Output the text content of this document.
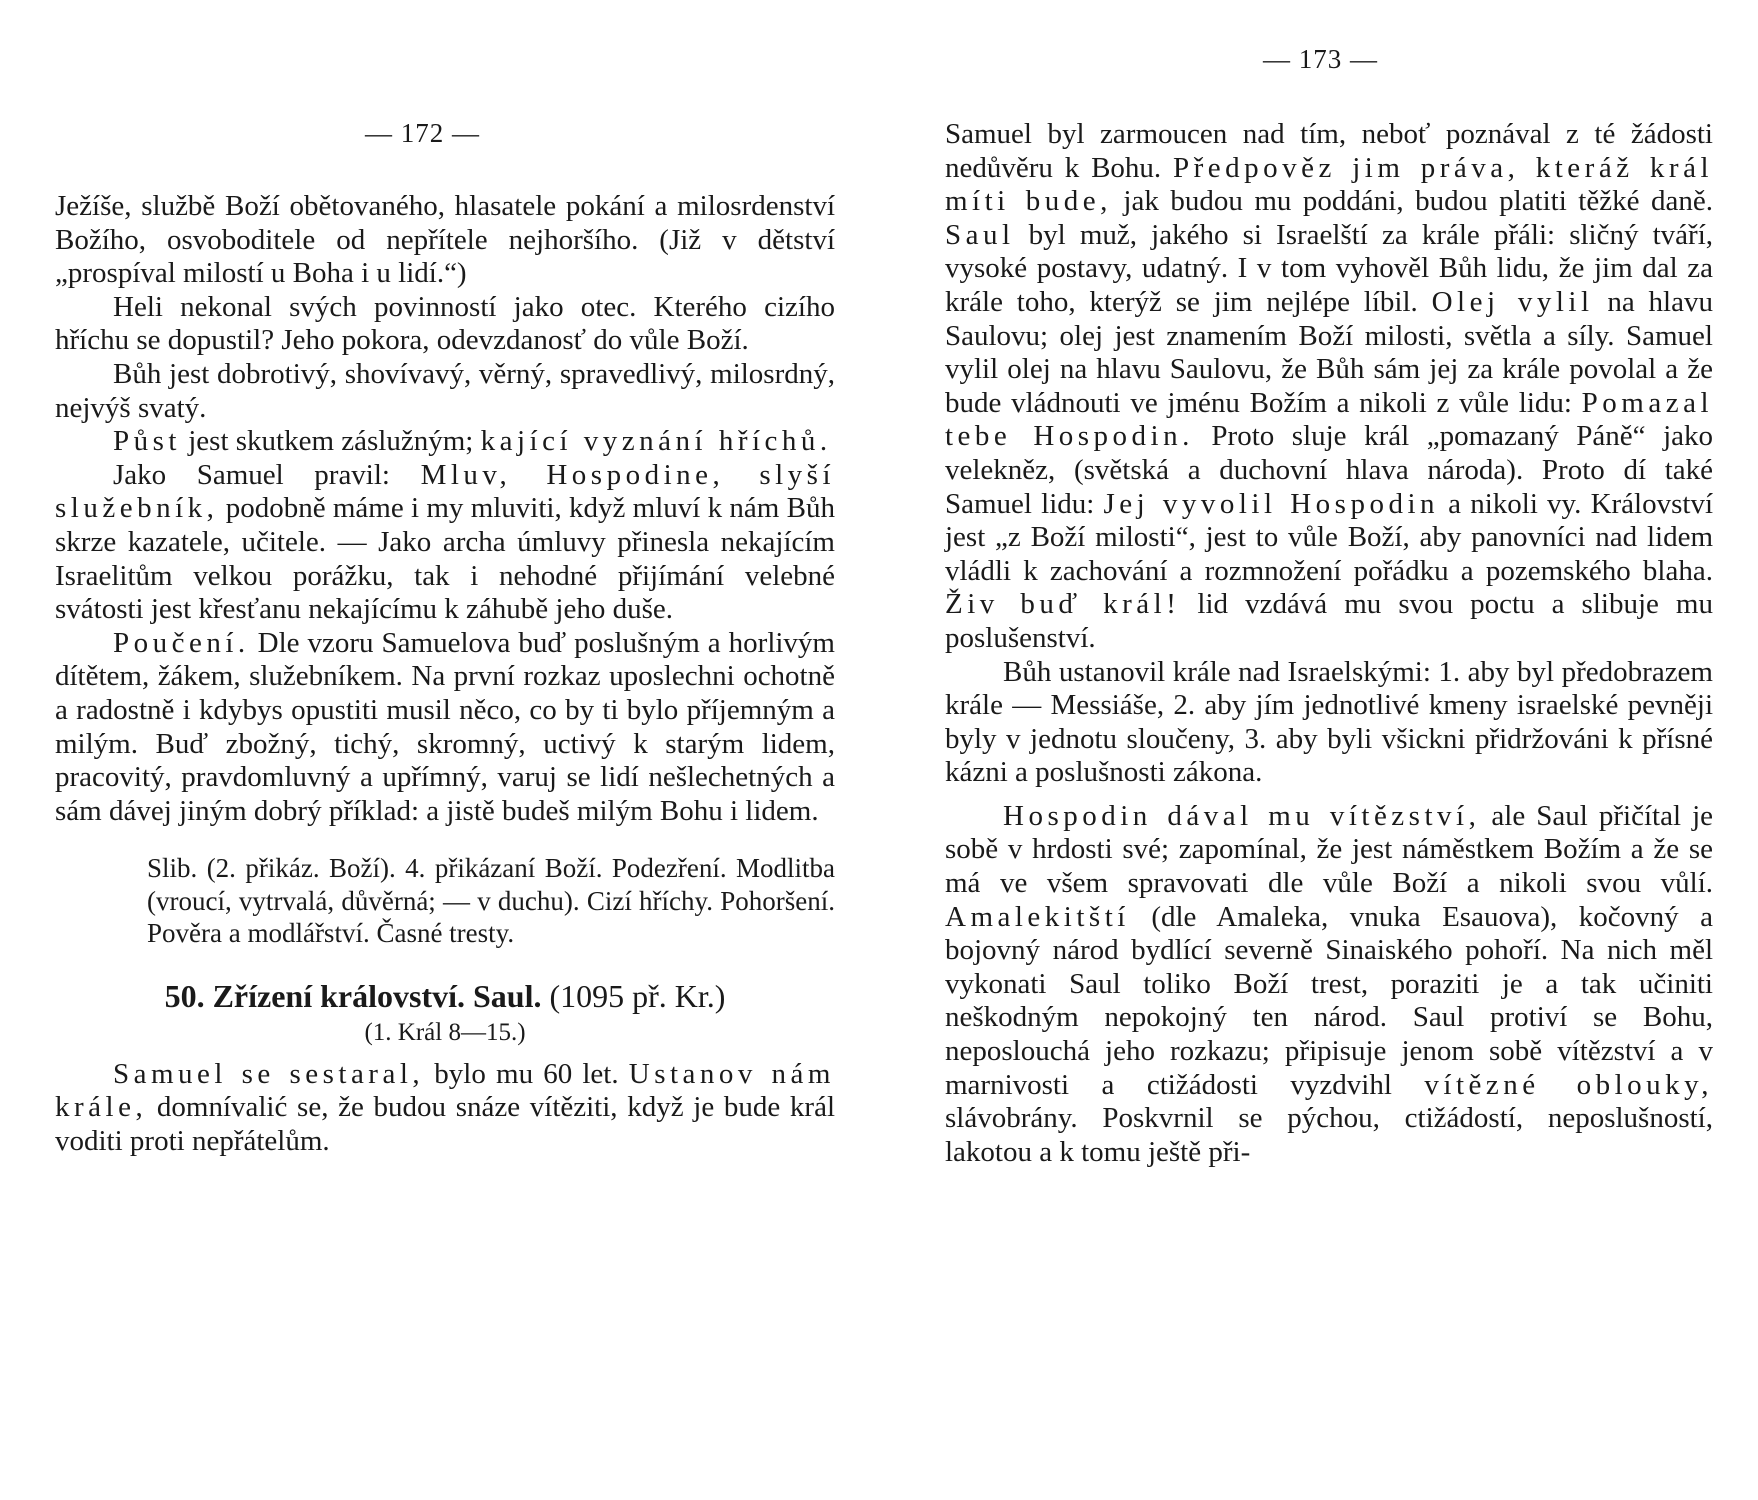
— 172 —

Ježíše, službě Boží obětovaného, hlasatele pokání a milosrdenství Božího, osvoboditele od nepřítele nejhoršího. (Již v dětství „prospíval milostí u Boha i u lidí.“)

Heli nekonal svých povinností jako otec. Kterého cizího hříchu se dopustil? Jeho pokora, odevzdanosť do vůle Boží.

Bůh jest dobrotivý, shovívavý, věrný, spravedlivý, milosrdný, nejvýš svatý.

Půst jest skutkem záslužným; kající vyznání hříchů.

Jako Samuel pravil: Mluv, Hospodine, slyší služebník, podobně máme i my mluviti, když mluví k nám Bůh skrze kazatele, učitele. — Jako archa úmluvy přinesla nekajícím Israelitům velkou porážku, tak i nehodné přijímání velebné svátosti jest křesťanu nekajícímu k záhubě jeho duše.

Poučení. Dle vzoru Samuelova buď poslušným a horlivým dítětem, žákem, služebníkem. Na první rozkaz uposlechni ochotně a radostně i kdybys opustiti musil něco, co by ti bylo příjemným a milým. Buď zbožný, tichý, skromný, uctivý k starým lidem, pracovitý, pravdomluvný a upřímný, varuj se lidí nešlechetných a sám dávej jiným dobrý příklad: a jistě budeš milým Bohu i lidem.

Slib. (2. přikáz. Boží). 4. přikázaní Boží. Podezření. Modlitba (vroucí, vytrvalá, důvěrná; — v duchu). Cizí hříchy. Pohoršení. Pověra a modlářství. Časné tresty.

50. Zřízení království. Saul. (1095 př. Kr.)
(1. Král 8—15.)

Samuel se sestaral, bylo mu 60 let. Ustanov nám krále, domnívalić se, že budou snáze vítěziti, když je bude král voditi proti nepřátelům.

— 173 —

Samuel byl zarmoucen nad tím, neboť poznával z té žádosti nedůvěru k Bohu. Předpověz jim práva, kteráž král míti bude, jak budou mu poddáni, budou platiti těžké daně. Saul byl muž, jakého si Israelští za krále přáli: sličný tváří, vysoké postavy, udatný. I v tom vyhověl Bůh lidu, že jim dal za krále toho, kterýž se jim nejlépe líbil. Olej vylil na hlavu Saulovu; olej jest znamením Boží milosti, světla a síly. Samuel vylil olej na hlavu Saulovu, že Bůh sám jej za krále povolal a že bude vládnouti ve jménu Božím a nikoli z vůle lidu: Pomazal tebe Hospodin. Proto sluje král „pomazaný Páně“ jako velekněz, (světská a duchovní hlava národa). Proto dí také Samuel lidu: Jej vyvolil Hospodin a nikoli vy. Království jest „z Boží milosti“, jest to vůle Boží, aby panovníci nad lidem vládli k zachování a rozmnožení pořádku a pozemského blaha. Živ buď král! lid vzdává mu svou poctu a slibuje mu poslušenství.

Bůh ustanovil krále nad Israelskými: 1. aby byl předobrazem krále — Messiáše, 2. aby jím jednotlivé kmeny israelské pevněji byly v jednotu sloučeny, 3. aby byli všickni přidržováni k přísné kázni a poslušnosti zákona.

Hospodin dával mu vítězství, ale Saul přičítal je sobě v hrdosti své; zapomínal, že jest náměstkem Božím a že se má ve všem spravovati dle vůle Boží a nikoli svou vůlí. Amalekitští (dle Amaleka, vnuka Esauova), kočovný a bojovný národ bydlící severně Sinaiského pohoří. Na nich měl vykonati Saul toliko Boží trest, poraziti je a tak učiniti neškodným nepokojný ten národ. Saul protiví se Bohu, neposlouchá jeho rozkazu; připisuje jenom sobě vítězství a v marnivosti a ctižádosti vyzdvihl vítězné oblouky, slávobrány. Poskvrnil se pýchou, ctižádostí, neposlušností, lakotou a k tomu ještě při-
